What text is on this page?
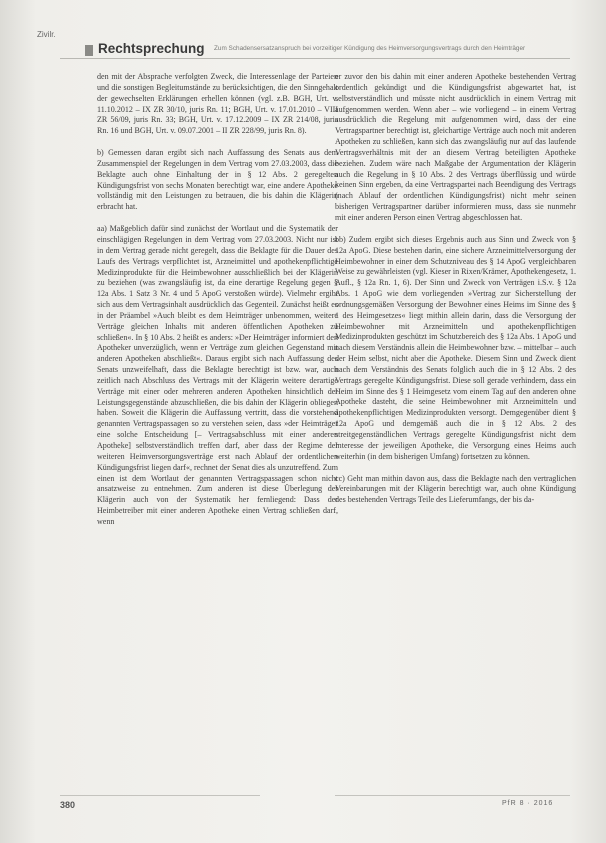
Zivilr.
Rechtsprechung Zum Schadensersatzanspruch bei vorzeitiger Kündigung des Heimversorgungsvertrags durch den Heimträger

den mit der Absprache verfolgten Zweck, die Interessenlage der Parteien und die sonstigen Begleitumstände zu berücksichtigen, die den Sinngehalt der gewechselten Erklärungen erhellen können (vgl. z.B. BGH, Urt. v. 11.10.2012 – IX ZR 30/10, juris Rn. 11; BGH, Urt. v. 17.01.2010 – VIII ZR 56/09, juris Rn. 33; BGH, Urt. v. 17.12.2009 – IX ZR 214/08, juris Rn. 16 und BGH, Urt. v. 09.07.2001 – II ZR 228/99, juris Rn. 8).

b) Gemessen daran ergibt sich nach Auffassung des Senats aus dem Zusammenspiel der Regelungen in dem Vertrag vom 27.03.2003, dass die Beklagte auch ohne Einhaltung der in § 12 Abs. 2 geregelten Kündigungsfrist von sechs Monaten berechtigt war, eine andere Apotheke vollständig mit den Leistungen zu betrauen, die bis dahin die Klägerin erbracht hat.

aa) Maßgeblich dafür sind zunächst der Wortlaut und die Systematik der einschlägigen Regelungen in dem Vertrag vom 27.03.2003. Nicht nur ist in dem Vertrag gerade nicht geregelt, dass die Beklagte für die Dauer des Laufs des Vertrags verpflichtet ist, Arzneimittel und apothekenpflichtige Medizinprodukte für die Heimbewohner ausschließlich bei der Klägerin zu beziehen (was zwangsläufig ist, da eine derartige Regelung gegen § 12a Abs. 1 Satz 3 Nr. 4 und 5 ApoG verstoßen würde). Vielmehr ergibt sich aus dem Vertragsinhalt ausdrücklich das Gegenteil. Zunächst heißt es in der Präambel »Auch bleibt es dem Heimträger unbenommen, weitere Verträge gleichen Inhalts mit anderen öffentlichen Apotheken zu schließen«. In § 10 Abs. 2 heißt es anders: »Der Heimträger informiert den Apotheker unverzüglich, wenn er Verträge zum gleichen Gegenstand mit anderen Apotheken abschließt«. Daraus ergibt sich nach Auffassung des Senats unzweifelhaft, dass die Beklagte berechtigt ist bzw. war, auch zeitlich nach Abschluss des Vertrags mit der Klägerin weitere derartige Verträge mit einer oder mehreren anderen Apotheken hinsichtlich der Leistungsgegenstände abzuschließen, die bis dahin der Klägerin obliegen haben. Soweit die Klägerin die Auffassung vertritt, dass die vorstehend genannten Vertragspassagen so zu verstehen seien, dass »der Heimträger eine solche Entscheidung [– Vertragsabschluss mit einer anderen Apotheke] selbstverständlich treffen darf, aber dass der Regime der weiteren Heimversorgungsverträge erst nach Ablauf der ordentlichen Kündigungsfrist liegen darf«, rechnet der Senat dies als unzutreffend. Zum einen ist dem Wortlaut der genannten Vertragspassagen schon nicht ansatzweise zu entnehmen. Zum anderen ist diese Überlegung der Klägerin auch von der Systematik her fernliegend: Dass der Heimbetreiber mit einer anderen Apotheke einen Vertrag schließen darf, wenn

er zuvor den bis dahin mit einer anderen Apotheke bestehenden Vertrag ordentlich gekündigt und die Kündigungsfrist abgewartet hat, ist selbstverständlich und müsste nicht ausdrücklich in einem Vertrag mit aufgenommen werden. Wenn aber – wie vorliegend – in einem Vertrag ausdrücklich die Regelung mit aufgenommen wird, dass der eine Vertragspartner berechtigt ist, gleichartige Verträge auch noch mit anderen Apotheken zu schließen, kann sich das zwangsläufig nur auf das laufende Vertragsverhältnis mit der an diesem Vertrag beteiligten Apotheke beziehen. Zudem wäre nach Maßgabe der Argumentation der Klägerin auch die Regelung in § 10 Abs. 2 des Vertrags überflüssig und würde keinen Sinn ergeben, da eine Vertragspartei nach Beendigung des Vertrags (nach Ablauf der ordentlichen Kündigungsfrist) nicht mehr seinen bisherigen Vertragspartner darüber informieren muss, dass sie nunmehr mit einer anderen Person einen Vertrag abgeschlossen hat.

bb) Zudem ergibt sich dieses Ergebnis auch aus Sinn und Zweck von § 12a ApoG. Diese bestehen darin, eine sichere Arzneimittelversorgung der Heimbewohner in einer dem Schutzniveau des § 14 ApoG vergleichbaren Weise zu gewährleisten (vgl. Kieser in Rixen/Krämer, Apothekengesetz, 1. Aufl., § 12a Rn. 1, 6). Der Sinn und Zweck von Verträgen i.S.v. § 12a Abs. 1 ApoG wie dem vorliegenden »Vertrag zur Sicherstellung der ordnungsgemäßen Versorgung der Bewohner eines Heims im Sinne des § 1 des Heimgesetzes« liegt mithin allein darin, dass die Versorgung der Heimbewohner mit Arzneimitteln und apothekenpflichtigen Medizinprodukten geschützt im Schutzbereich des § 12a Abs. 1 ApoG und nach diesem Verständnis allein die Heimbewohner bzw. – mittelbar – auch der Heim selbst, nicht aber die Apotheke. Diesem Sinn und Zweck dient nach dem Verständnis des Senats folglich auch die in § 12 Abs. 2 des Vertrags geregelte Kündigungsfrist. Diese soll gerade verhindern, dass ein Heim im Sinne des § 1 Heimgesetz vom einem Tag auf den anderen ohne Apotheke dasteht, die seine Heimbewohner mit Arzneimitteln und apothekenpflichtigen Medizinprodukten versorgt. Demgegenüber dient § 12a ApoG und demgemäß auch die in § 12 Abs. 2 des streitgegenständlichen Vertrags geregelte Kündigungsfrist nicht dem Interesse der jeweiligen Apotheke, die Versorgung eines Heims auch weiterhin (in dem bisherigen Umfang) fortsetzen zu können.

cc) Geht man mithin davon aus, dass die Beklagte nach den vertraglichen Vereinbarungen mit der Klägerin berechtigt war, auch ohne Kündigung des bestehenden Vertrags Teile des Lieferumfangs, der bis da-

380	PfR 8 · 2016
